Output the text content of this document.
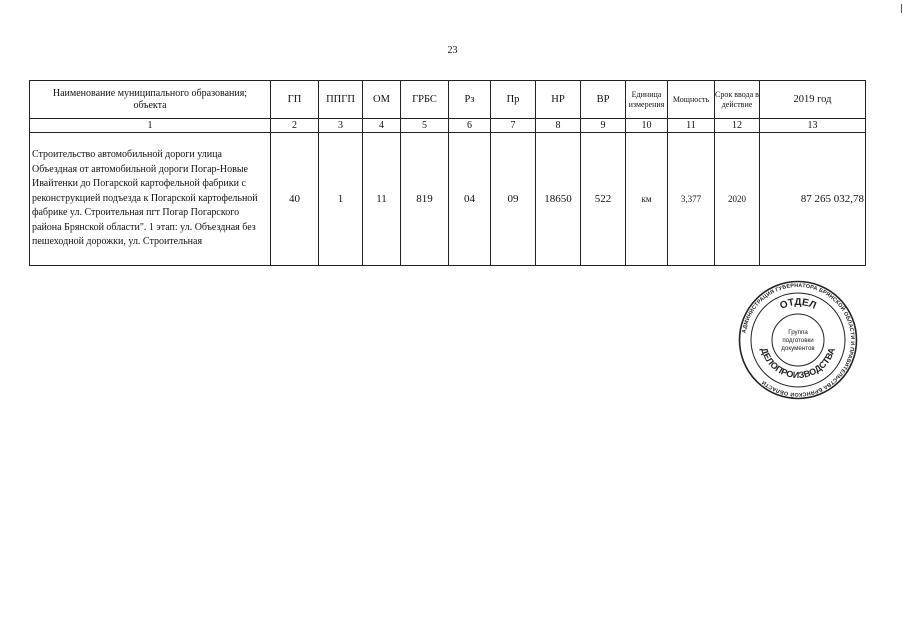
23
Наименование муниципального образования; объекта	ГП	ППГП	ОМ	ГРБС	Рз	Пр	НР	ВР	Единица измерения	Мощность	Срок ввода в действие	2019 год
1	2	3	4	5	6	7	8	9	10	11	12	13
Строительство автомобильной дороги улица Объездная от автомобильной дороги Погар-Новые Ивайтенки до Погарской картофельной фабрики с реконструкцией подъезда к Погарской картофельной фабрике ул. Строительная пгт Погар Погарского района Брянской области". 1 этап: ул. Объездная без пешеходной дорожки, ул. Строительная	40	1	11	819	04	09	18650	522	км	3,377	2020	87 265 032,78
АДМИНИСТРАЦИЯ ГУБЕРНАТОРА БРЯНСКОЙ ОБЛАСТИ И ПРАВИТЕЛЬСТВА БРЯНСКОЙ ОБЛАСТИ
ОТДЕЛ
ДЕЛОПРОИЗВОДСТВА
Группа
подготовки
документов
